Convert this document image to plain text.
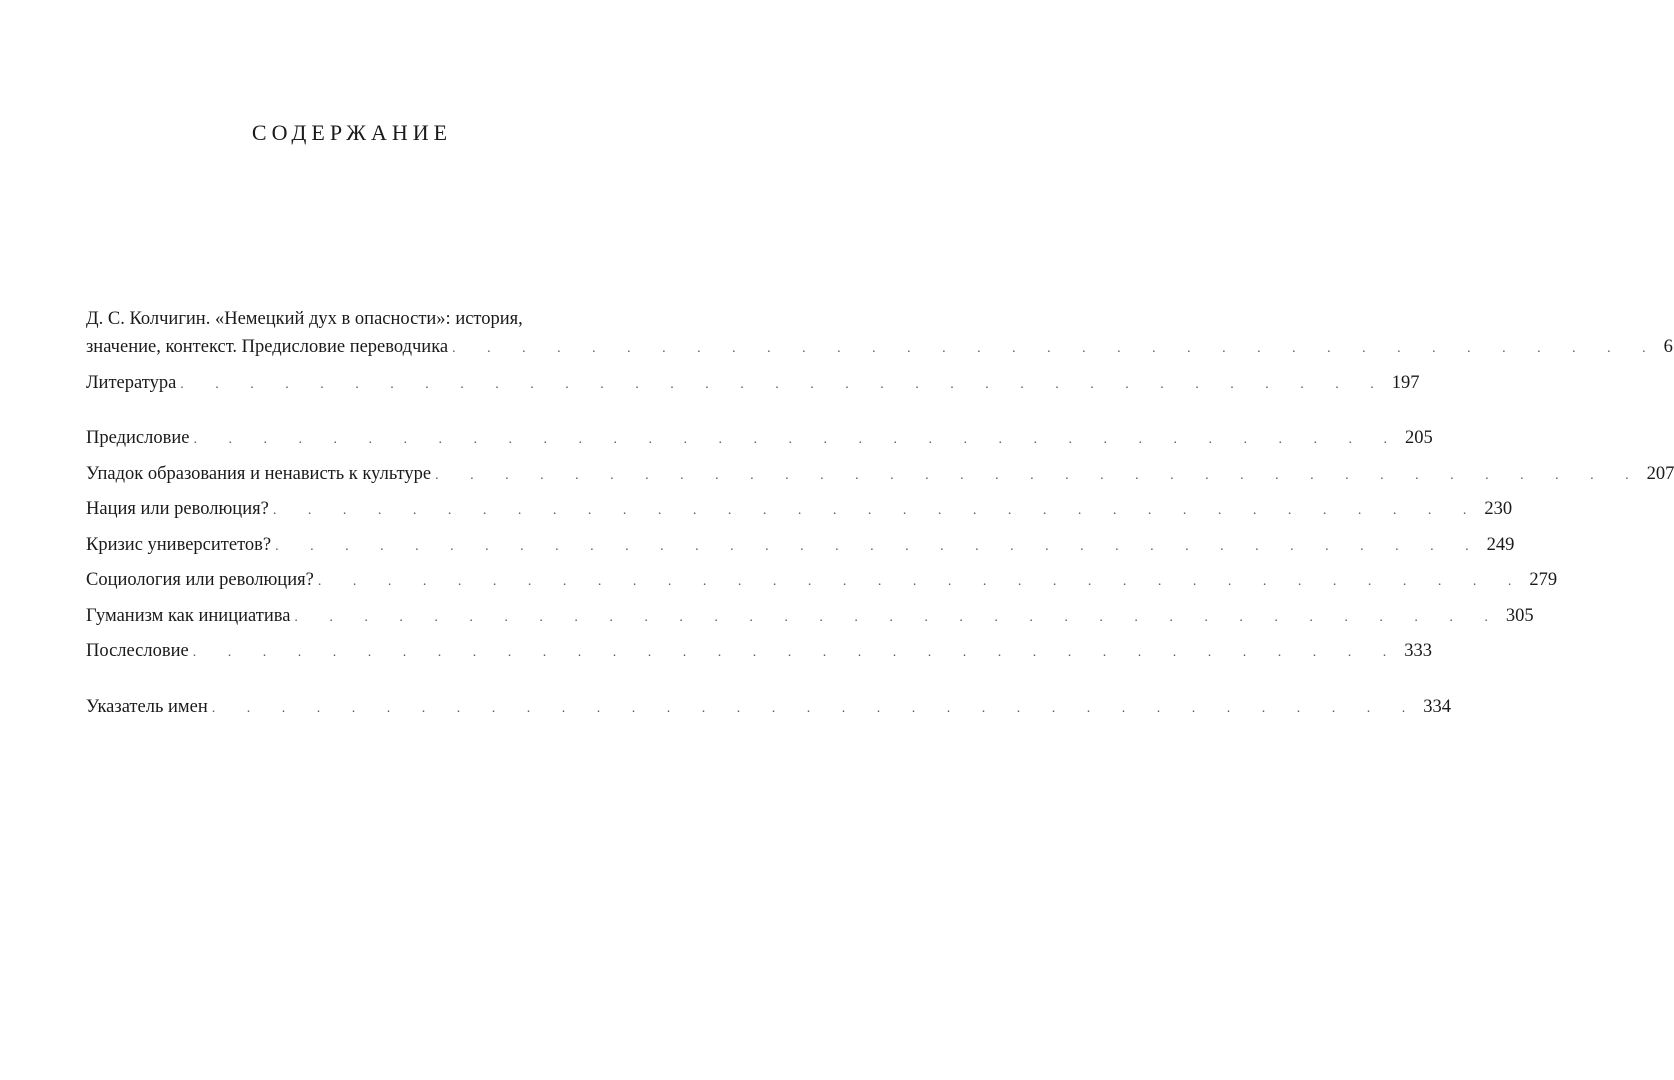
СОДЕРЖАНИЕ
Д. С. Колчигин. «Немецкий дух в опасности»: история,
значение, контекст. Предисловие переводчика . . . . . . . . . . . . . . . . . . . . . . . . . . . . . . . . . . . 6
Литература . . . . . . . . . . . . . . . . . . . . . . . . . . . . . . . . . . . 197
Предисловие . . . . . . . . . . . . . . . . . . . . . . . . . . . . . . . . . . . 205
Упадок образования и ненависть к культуре . . . . . . . . . . . . . . . . . . . . . . . . . . . . . . . . . . . 207
Нация или революция? . . . . . . . . . . . . . . . . . . . . . . . . . . . . . . . . . . . 230
Кризис университетов? . . . . . . . . . . . . . . . . . . . . . . . . . . . . . . . . . . . 249
Социология или революция? . . . . . . . . . . . . . . . . . . . . . . . . . . . . . . . . . . . 279
Гуманизм как инициатива . . . . . . . . . . . . . . . . . . . . . . . . . . . . . . . . . . . 305
Послесловие . . . . . . . . . . . . . . . . . . . . . . . . . . . . . . . . . . . 333
Указатель имен . . . . . . . . . . . . . . . . . . . . . . . . . . . . . . . . . . . 334
